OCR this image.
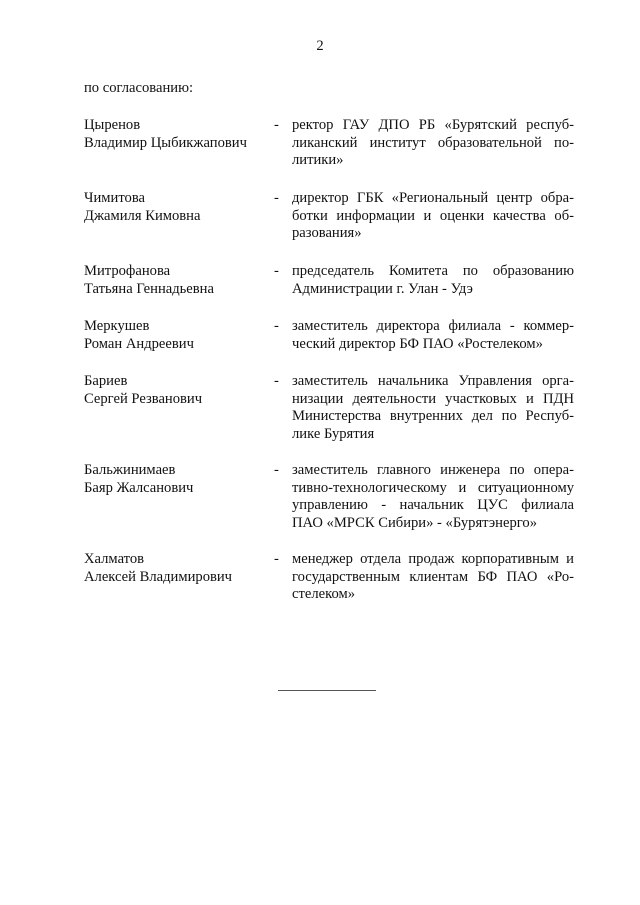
2
по согласованию:
Цыренов
Владимир Цыбикжапович
- ректор ГАУ ДПО РБ «Бурятский респуб-
ликанский институт образовательной по-
литики»
Чимитова
Джамиля Кимовна
- директор ГБК «Региональный центр обра-
ботки информации и оценки качества об-
разования»
Митрофанова
Татьяна Геннадьевна
- председатель Комитета по образованию
Администрации г. Улан - Удэ
Меркушев
Роман Андреевич
- заместитель директора филиала - коммер-
ческий директор БФ ПАО «Ростелеком»
Бариев
Сергей Резванович
- заместитель начальника Управления орга-
низации деятельности участковых и ПДН
Министерства внутренних дел по Респуб-
лике Бурятия
Бальжинимаев
Баяр Жалсанович
- заместитель главного инженера по опера-
тивно-технологическому и ситуационному
управлению - начальник ЦУС филиала
ПАО «МРСК Сибири» - «Бурятэнерго»
Халматов
Алексей Владимирович
- менеджер отдела продаж корпоративным и
государственным клиентам БФ ПАО «Ро-
стелеком»
